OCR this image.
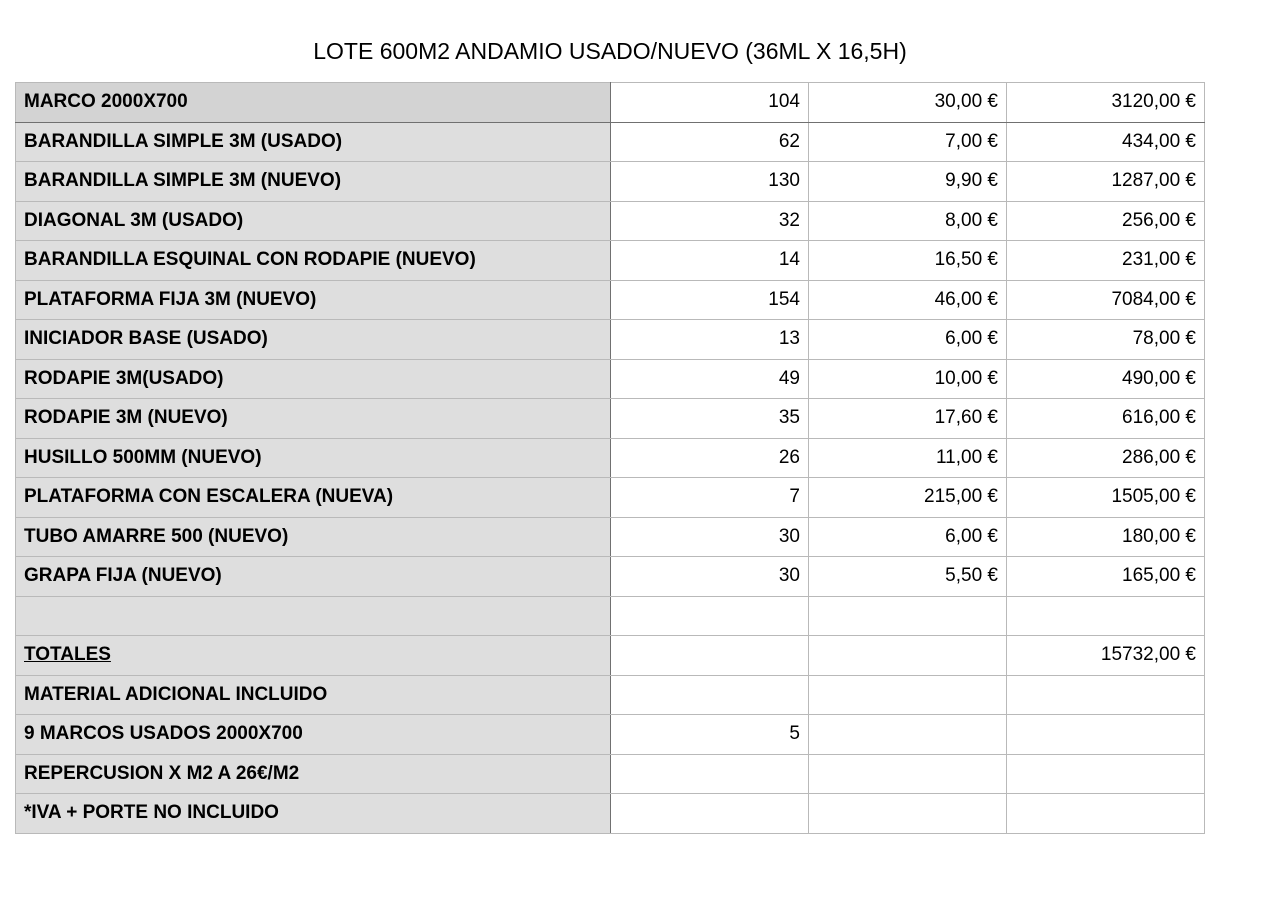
LOTE 600M2 ANDAMIO USADO/NUEVO (36ML X 16,5H)
MARCO 2000X700	104	30,00 €	3120,00 €
BARANDILLA SIMPLE 3M (USADO)	62	7,00 €	434,00 €
BARANDILLA SIMPLE 3M (NUEVO)	130	9,90 €	1287,00 €
DIAGONAL 3M (USADO)	32	8,00 €	256,00 €
BARANDILLA ESQUINAL CON RODAPIE (NUEVO)	14	16,50 €	231,00 €
PLATAFORMA FIJA 3M (NUEVO)	154	46,00 €	7084,00 €
INICIADOR BASE (USADO)	13	6,00 €	78,00 €
RODAPIE 3M(USADO)	49	10,00 €	490,00 €
RODAPIE 3M (NUEVO)	35	17,60 €	616,00 €
HUSILLO 500MM (NUEVO)	26	11,00 €	286,00 €
PLATAFORMA CON ESCALERA (NUEVA)	7	215,00 €	1505,00 €
TUBO AMARRE 500 (NUEVO)	30	6,00 €	180,00 €
GRAPA FIJA (NUEVO)	30	5,50 €	165,00 €

TOTALES			15732,00 €
MATERIAL ADICIONAL INCLUIDO			
9 MARCOS USADOS 2000X700	5		
REPERCUSION X M2 A 26€/M2			
*IVA + PORTE NO INCLUIDO			
